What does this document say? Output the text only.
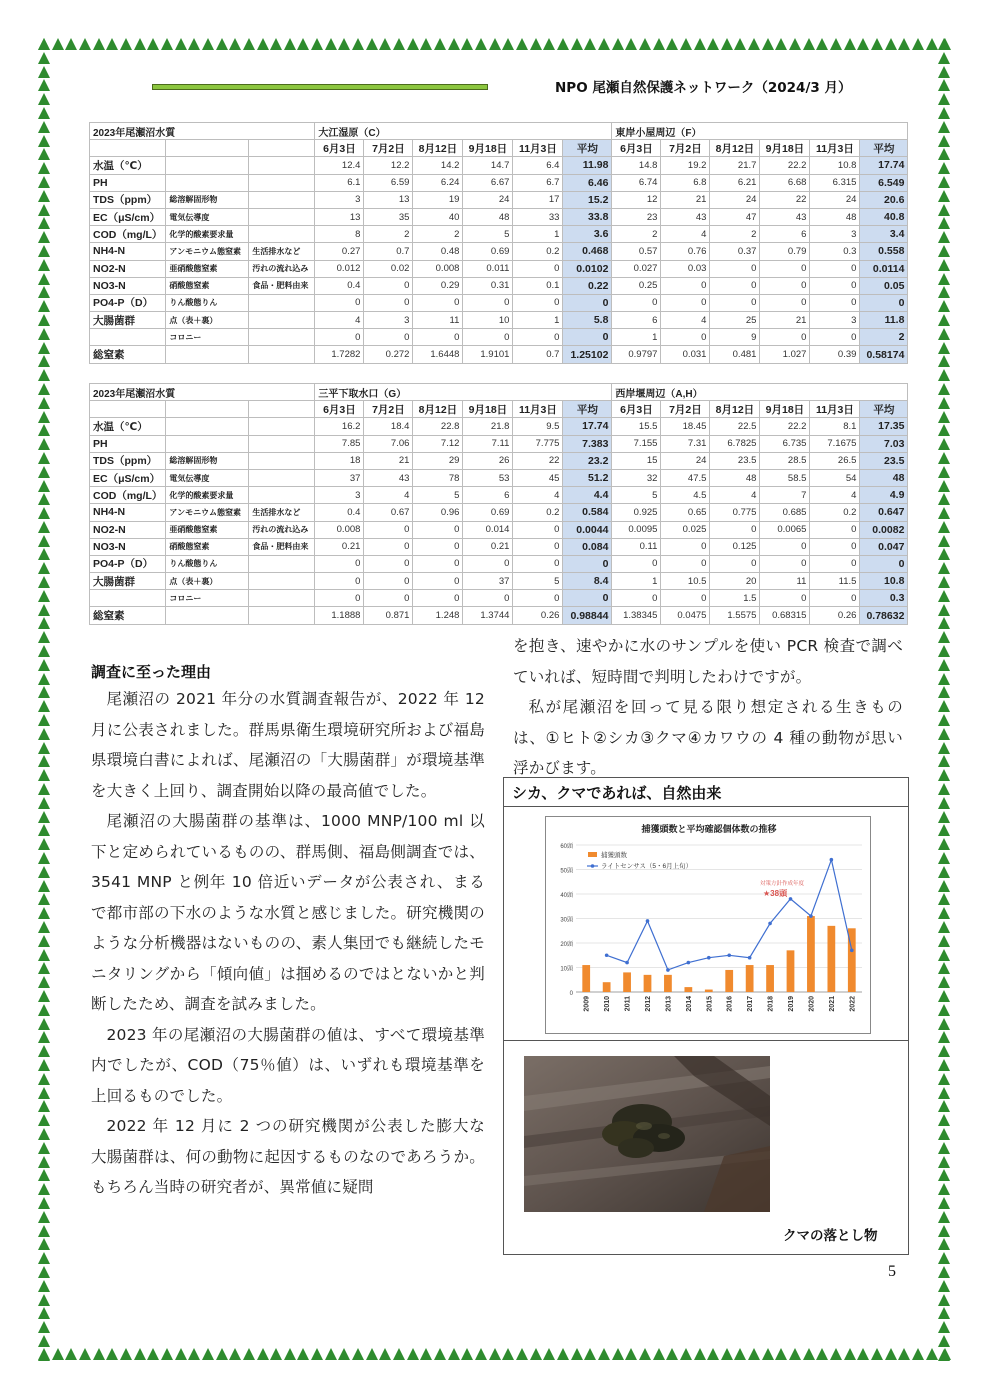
NPO 尾瀬自然保護ネットワーク（2024/3 月）
2023年尾瀬沼水質			大江湿原（C）						東岸小屋周辺（F）					
			6月3日	7月2日	8月12日	9月18日	11月3日	平均	6月3日	7月2日	8月12日	9月18日	11月3日	平均
水温（℃）			12.4	12.2	14.2	14.7	6.4	11.98	14.8	19.2	21.7	22.2	10.8	17.74
PH			6.1	6.59	6.24	6.67	6.7	6.46	6.74	6.8	6.21	6.68	6.315	6.549
TDS（ppm）	総溶解固形物		3	13	19	24	17	15.2	12	21	24	22	24	20.6
EC（μS/cm）	電気伝導度		13	35	40	48	33	33.8	23	43	47	43	48	40.8
COD（mg/L）	化学的酸素要求量		8	2	2	5	1	3.6	2	4	2	6	3	3.4
NH4-N	アンモニウム態窒素	生活排水など	0.27	0.7	0.48	0.69	0.2	0.468	0.57	0.76	0.37	0.79	0.3	0.558
NO2-N	亜硝酸態窒素	汚れの流れ込み	0.012	0.02	0.008	0.011	0	0.0102	0.027	0.03	0	0	0	0.0114
NO3-N	硝酸態窒素	食品・肥料由来	0.4	0	0.29	0.31	0.1	0.22	0.25	0	0	0	0	0.05
PO4-P（D）	りん酸態りん		0	0	0	0	0	0	0	0	0	0	0	0
大腸菌群	点（表＋裏）		4	3	11	10	1	5.8	6	4	25	21	3	11.8
	コロニー		0	0	0	0	0	0	1	0	9	0	0	2
総窒素			1.7282	0.272	1.6448	1.9101	0.7	1.25102	0.9797	0.031	0.481	1.027	0.39	0.58174
2023年尾瀬沼水質			三平下取水口（G）						西岸堰周辺（A,H）					
			6月3日	7月2日	8月12日	9月18日	11月3日	平均	6月3日	7月2日	8月12日	9月18日	11月3日	平均
水温（℃）			16.2	18.4	22.8	21.8	9.5	17.74	15.5	18.45	22.5	22.2	8.1	17.35
PH			7.85	7.06	7.12	7.11	7.775	7.383	7.155	7.31	6.7825	6.735	7.1675	7.03
TDS（ppm）	総溶解固形物		18	21	29	26	22	23.2	15	24	23.5	28.5	26.5	23.5
EC（μS/cm）	電気伝導度		37	43	78	53	45	51.2	32	47.5	48	58.5	54	48
COD（mg/L）	化学的酸素要求量		3	4	5	6	4	4.4	5	4.5	4	7	4	4.9
NH4-N	アンモニウム態窒素	生活排水など	0.4	0.67	0.96	0.69	0.2	0.584	0.925	0.65	0.775	0.685	0.2	0.647
NO2-N	亜硝酸態窒素	汚れの流れ込み	0.008	0	0	0.014	0	0.0044	0.0095	0.025	0	0.0065	0	0.0082
NO3-N	硝酸態窒素	食品・肥料由来	0.21	0	0	0.21	0	0.084	0.11	0	0.125	0	0	0.047
PO4-P（D）	りん酸態りん		0	0	0	0	0	0	0	0	0	0	0	0
大腸菌群	点（表＋裏）		0	0	0	37	5	8.4	1	10.5	20	11	11.5	10.8
	コロニー		0	0	0	0	0	0	0	0	1.5	0	0	0.3
総窒素			1.1888	0.871	1.248	1.3744	0.26	0.98844	1.38345	0.0475	1.5575	0.68315	0.26	0.78632
調査に至った理由

尾瀬沼の 2021 年分の水質調査報告が、2022 年 12 月に公表されました。群馬県衛生環境研究所および福島県環境白書によれば、尾瀬沼の「大腸菌群」が環境基準を大きく上回り、調査開始以降の最高値でした。

尾瀬沼の大腸菌群の基準は、1000 MNP/100 ml 以下と定められているものの、群馬側、福島側調査では、3541 MNP と例年 10 倍近いデータが公表され、まるで都市部の下水のような水質と感じました。研究機関のような分析機器はないものの、素人集団でも継続したモニタリングから「傾向値」は掴めるのではとないかと判断したため、調査を試みました。

2023 年の尾瀬沼の大腸菌群の値は、すべて環境基準内でしたが、COD（75％値）は、いずれも環境基準を上回るものでした。

2022 年 12 月に 2 つの研究機関が公表した膨大な大腸菌群は、何の動物に起因するものなのであろうか。もちろん当時の研究者が、異常値に疑問

を抱き、速やかに水のサンプルを使い PCR 検査で調べていれば、短時間で判明したわけですが。

私が尾瀬沼を回って見る限り想定される生きものは、①ヒト②シカ③クマ④カワウの 4 種の動物が思い浮かびます。

シカ、クマであれば、自然由来
捕獲頭数と平均確認個体数の推移
0
10頭
20頭
30頭
40頭
50頭
60頭
2009 2010 2011 2012 2013 2014 2015 2016 2017 2018 2019 2020 2021 2022
捕獲頭数
ライトセンサス（5・6月上旬）
対策方針作成年度
★38頭
クマの落とし物
5
